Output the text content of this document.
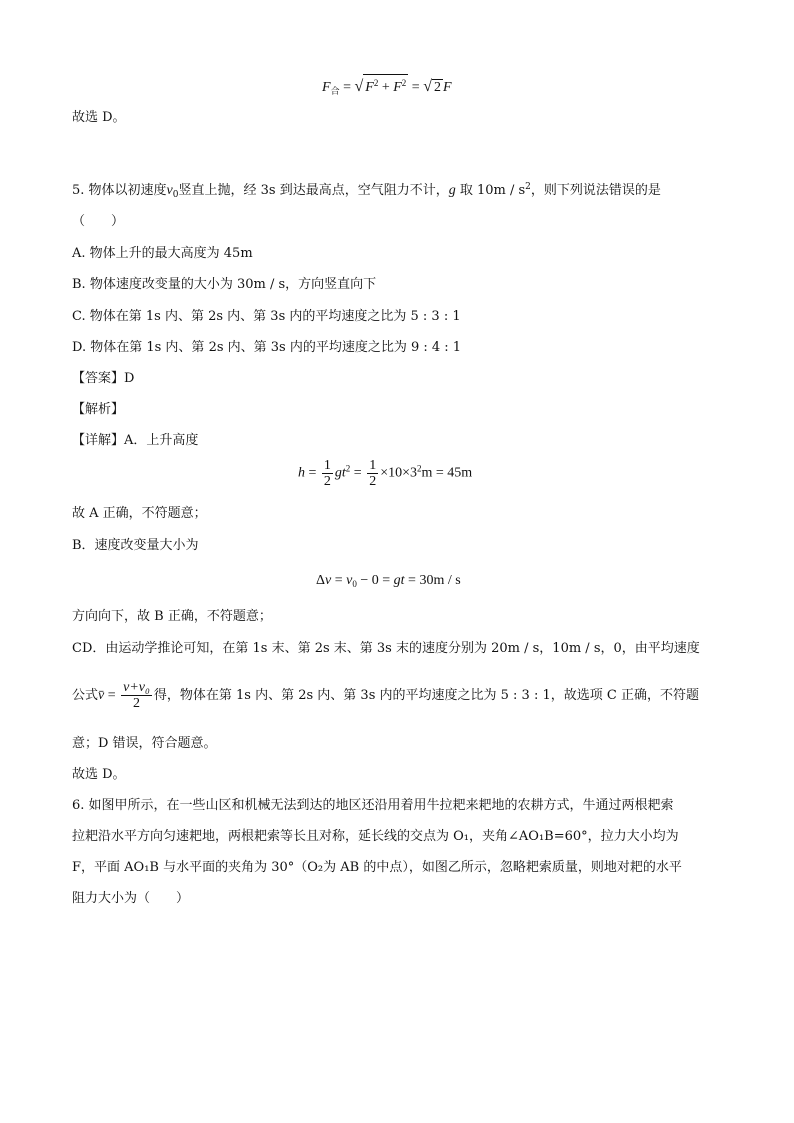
$F_合$ = √ $F^2 + F^2$ = √ 2 F
故选 D。
5. 物体以初速度$v_0$竖直上抛，经 3s 到达最高点，空气阻力不计，g 取 $10m / s^2$，则下列说法错误的是
（　　）
A. 物体上升的最大高度为 45m
B. 物体速度改变量的大小为 30m / s，方向竖直向下
C. 物体在第 1s 内、第 2s 内、第 3s 内的平均速度之比为 5 : 3 : 1
D. 物体在第 1s 内、第 2s 内、第 3s 内的平均速度之比为 9 : 4 : 1
【答案】D
【解析】
【详解】A．上升高度
$h = \frac{1}{2} gt^2 = \frac{1}{2} \times 10\times 3^2m = 45m$
故 A 正确，不符题意；
B．速度改变量大小为
$\Delta v = v_0 - 0$ = gt = 30m / s
方向向下，故 B 正确，不符题意；
CD．由运动学推论可知，在第 1s 末、第 2s 末、第 3s 末的速度分别为 20m / s，10m / s，0，由平均速度
公式v̄ = $\frac{\text{v+v₀}}{2}$ 得，物体在第 1s 内、第 2s 内、第 3s 内的平均速度之比为 5 : 3 : 1，故选项 C 正确，不符题
意；D 错误，符合题意。
故选 D。
6. 如图甲所示，在一些山区和机械无法到达的地区还沿用着用牛拉耙来耙地的农耕方式，牛通过两根耙索
拉耙沿水平方向匀速耙地，两根耙索等长且对称，延长线的交点为 O₁，夹角∠AO₁B=60°，拉力大小均为
F，平面 AO₁B 与水平面的夹角为 30°（O₂为 AB 的中点），如图乙所示，忽略耙索质量，则地对耙的水平
阻力大小为（　　）
